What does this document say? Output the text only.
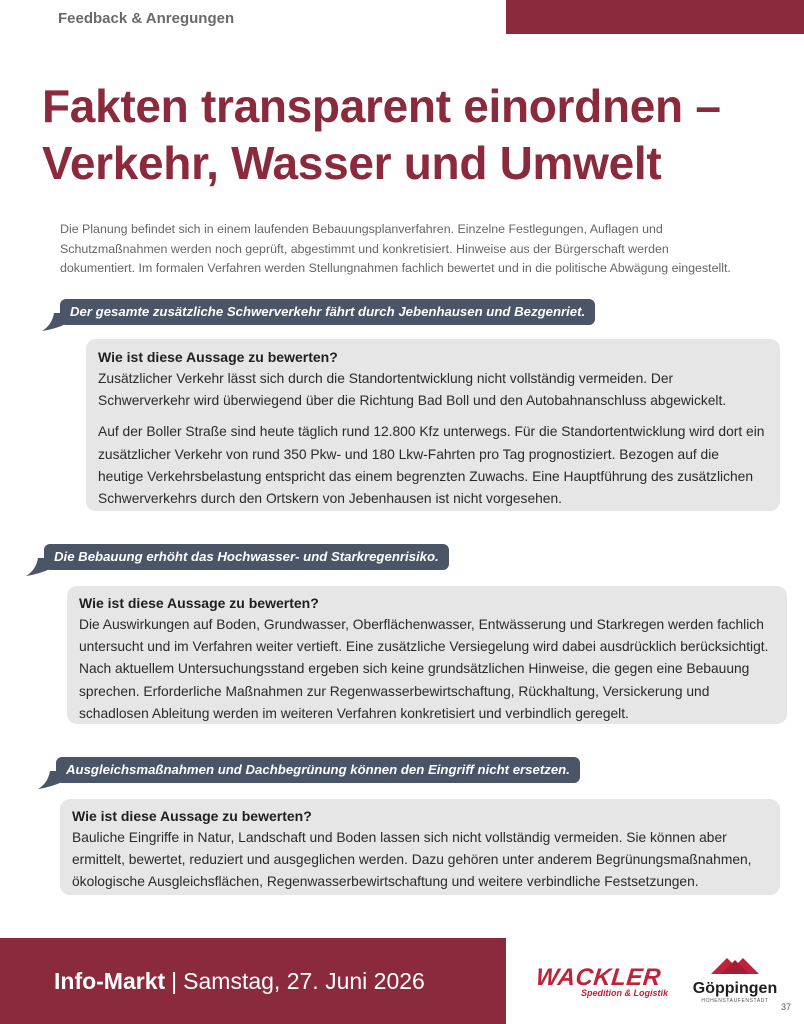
Feedback & Anregungen
Fakten transparent einordnen –
Verkehr, Wasser und Umwelt

Die Planung befindet sich in einem laufenden Bebauungsplanverfahren. Einzelne Festlegungen, Auflagen und Schutzmaßnahmen werden noch geprüft, abgestimmt und konkretisiert. Hinweise aus der Bürgerschaft werden dokumentiert. Im formalen Verfahren werden Stellungnahmen fachlich bewertet und in die politische Abwägung eingestellt.

Der gesamte zusätzliche Schwerverkehr fährt durch Jebenhausen und Bezgenriet.
Wie ist diese Aussage zu bewerten?

Zusätzlicher Verkehr lässt sich durch die Standortentwicklung nicht vollständig vermeiden. Der Schwerverkehr wird überwiegend über die Richtung Bad Boll und den Autobahnanschluss abgewickelt.

Auf der Boller Straße sind heute täglich rund 12.800 Kfz unterwegs. Für die Standortentwicklung wird dort ein zusätzlicher Verkehr von rund 350 Pkw- und 180 Lkw-Fahrten pro Tag prognostiziert. Bezogen auf die heutige Verkehrsbelastung entspricht das einem begrenzten Zuwachs. Eine Hauptführung des zusätzlichen Schwerverkehrs durch den Ortskern von Jebenhausen ist nicht vorgesehen.

Die Bebauung erhöht das Hochwasser- und Starkregenrisiko.
Wie ist diese Aussage zu bewerten?

Die Auswirkungen auf Boden, Grundwasser, Oberflächenwasser, Entwässerung und Starkregen werden fachlich untersucht und im Verfahren weiter vertieft. Eine zusätzliche Versiegelung wird dabei ausdrücklich berücksichtigt. Nach aktuellem Untersuchungsstand ergeben sich keine grundsätzlichen Hinweise, die gegen eine Bebauung sprechen. Erforderliche Maßnahmen zur Regenwasserbewirtschaftung, Rückhaltung, Versickerung und schadlosen Ableitung werden im weiteren Verfahren konkretisiert und verbindlich geregelt.

Ausgleichsmaßnahmen und Dachbegrünung können den Eingriff nicht ersetzen.
Wie ist diese Aussage zu bewerten?

Bauliche Eingriffe in Natur, Landschaft und Boden lassen sich nicht vollständig vermeiden. Sie können aber ermittelt, bewertet, reduziert und ausgeglichen werden. Dazu gehören unter anderem Begrünungsmaßnahmen, ökologische Ausgleichsflächen, Regenwasserbewirtschaftung und weitere verbindliche Festsetzungen.

Info-Markt | Samstag, 27. Juni 2026	WACKLER
Spedition & Logistik Göppingen
HOHENSTAUFENSTADT
37
